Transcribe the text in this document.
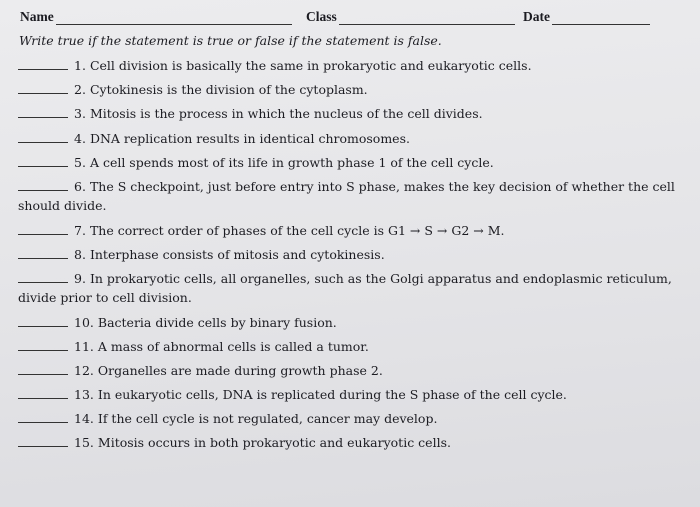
Name	Class	Date
Write true if the statement is true or false if the statement is false.
1. Cell division is basically the same in prokaryotic and eukaryotic cells.
2. Cytokinesis is the division of the cytoplasm.
3. Mitosis is the process in which the nucleus of the cell divides.
4. DNA replication results in identical chromosomes.
5. A cell spends most of its life in growth phase 1 of the cell cycle.
6. The S checkpoint, just before entry into S phase, makes the key decision of whether the cell
should divide.
7. The correct order of phases of the cell cycle is G1 → S → G2 → M.
8. Interphase consists of mitosis and cytokinesis.
9. In prokaryotic cells, all organelles, such as the Golgi apparatus and endoplasmic reticulum,
divide prior to cell division.
10. Bacteria divide cells by binary fusion.
11. A mass of abnormal cells is called a tumor.
12. Organelles are made during growth phase 2.
13. In eukaryotic cells, DNA is replicated during the S phase of the cell cycle.
14. If the cell cycle is not regulated, cancer may develop.
15. Mitosis occurs in both prokaryotic and eukaryotic cells.
